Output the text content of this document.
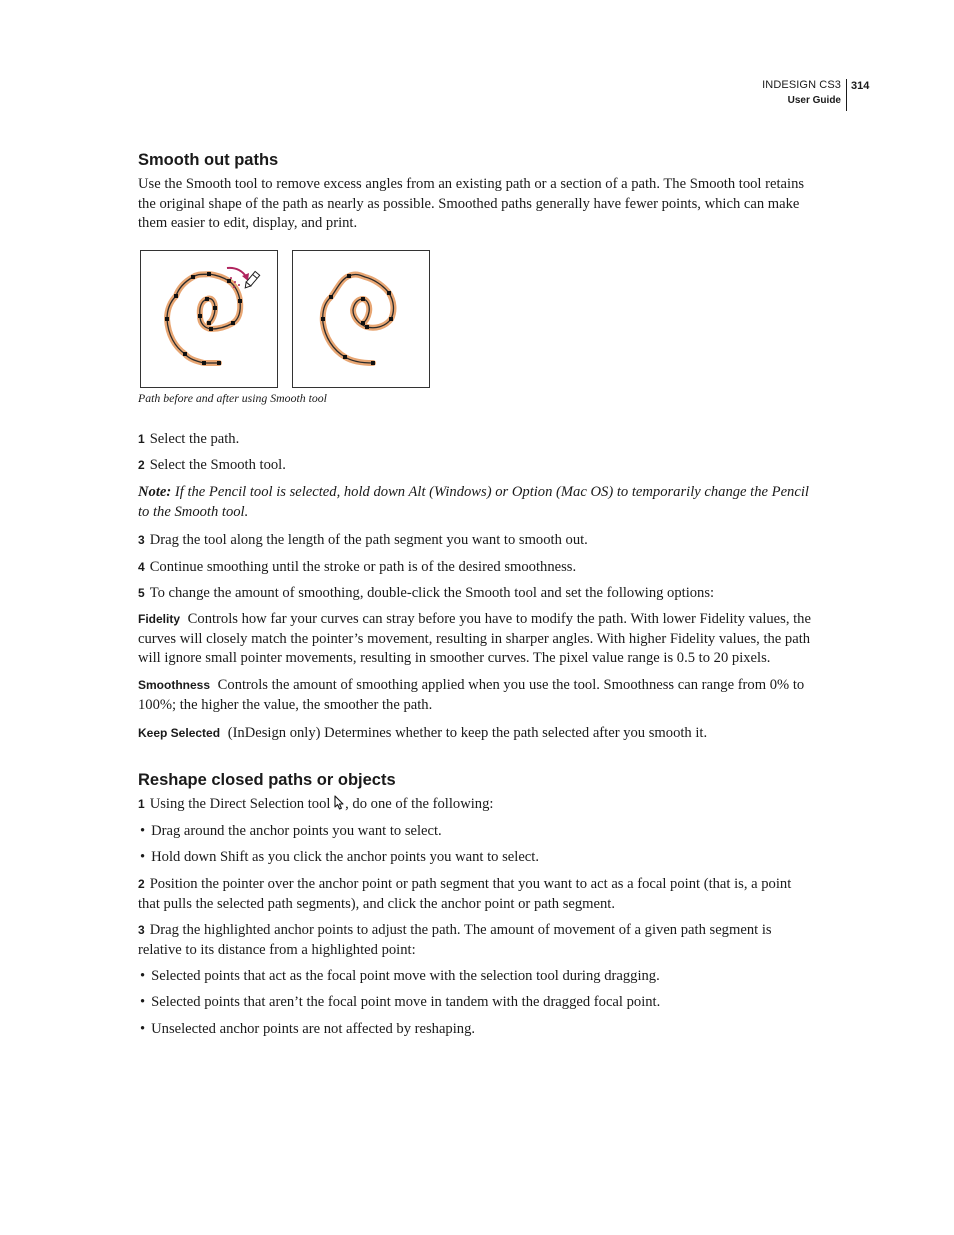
INDESIGN CS3
User Guide
314
Smooth out paths
Use the Smooth tool to remove excess angles from an existing path or a section of a path. The Smooth tool retains the original shape of the path as nearly as possible. Smoothed paths generally have fewer points, which can make them easier to edit, display, and print.
Path before and after using Smooth tool
1 Select the path.
2 Select the Smooth tool.
Note: If the Pencil tool is selected, hold down Alt (Windows) or Option (Mac OS) to temporarily change the Pencil to the Smooth tool.
3 Drag the tool along the length of the path segment you want to smooth out.
4 Continue smoothing until the stroke or path is of the desired smoothness.
5 To change the amount of smoothing, double-click the Smooth tool and set the following options:
Fidelity Controls how far your curves can stray before you have to modify the path. With lower Fidelity values, the curves will closely match the pointer’s movement, resulting in sharper angles. With higher Fidelity values, the path will ignore small pointer movements, resulting in smoother curves. The pixel value range is 0.5 to 20 pixels.
Smoothness Controls the amount of smoothing applied when you use the tool. Smoothness can range from 0% to 100%; the higher the value, the smoother the path.
Keep Selected (InDesign only) Determines whether to keep the path selected after you smooth it.
Reshape closed paths or objects
1 Using the Direct Selection tool , do one of the following:
• Drag around the anchor points you want to select.
• Hold down Shift as you click the anchor points you want to select.
2 Position the pointer over the anchor point or path segment that you want to act as a focal point (that is, a point that pulls the selected path segments), and click the anchor point or path segment.
3 Drag the highlighted anchor points to adjust the path. The amount of movement of a given path segment is relative to its distance from a highlighted point:
• Selected points that act as the focal point move with the selection tool during dragging.
• Selected points that aren’t the focal point move in tandem with the dragged focal point.
• Unselected anchor points are not affected by reshaping.
